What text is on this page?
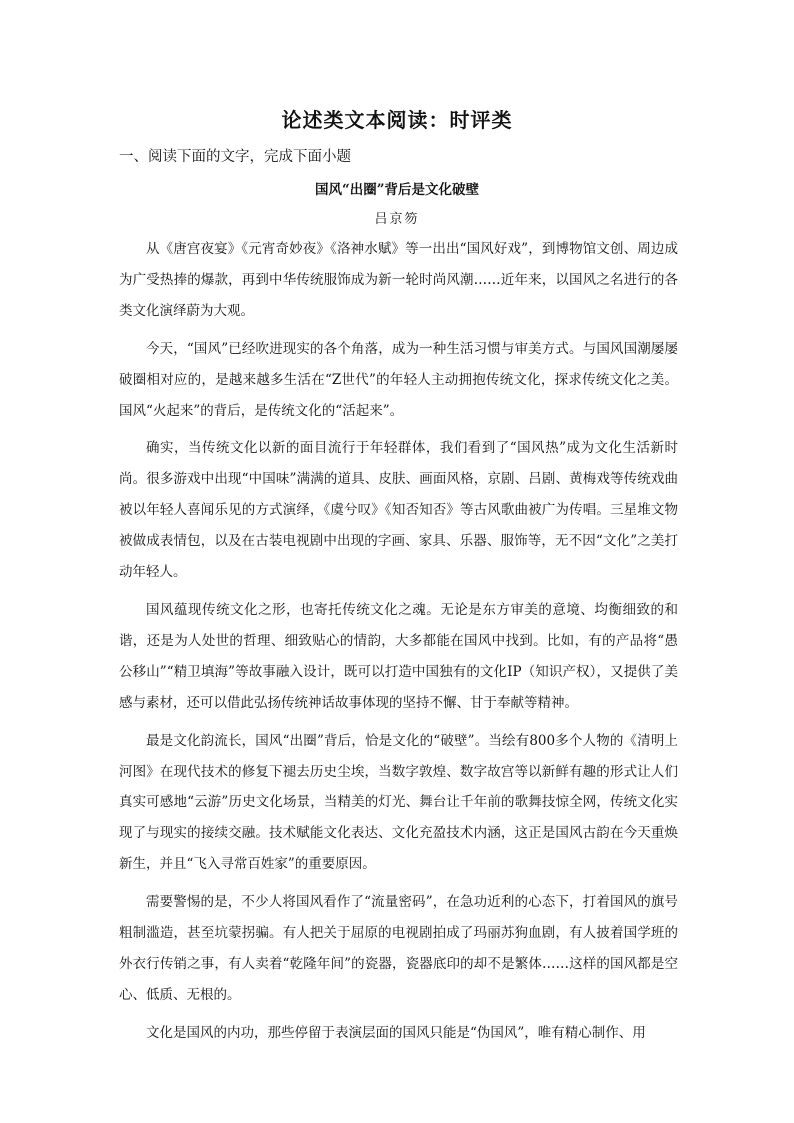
论述类文本阅读：时评类
一、阅读下面的文字，完成下面小题
国风“出圈”背后是文化破壁
吕京笏

从《唐宫夜宴》《元宵奇妙夜》《洛神水赋》等一出出“国风好戏”，到博物馆文创、周边成为广受热捧的爆款，再到中华传统服饰成为新一轮时尚风潮……近年来，以国风之名进行的各类文化演绎蔚为大观。

今天，“国风”已经吹进现实的各个角落，成为一种生活习惯与审美方式。与国风国潮屡屡破圈相对应的，是越来越多生活在“Z世代”的年轻人主动拥抱传统文化，探求传统文化之美。国风“火起来”的背后，是传统文化的“活起来”。

确实，当传统文化以新的面目流行于年轻群体，我们看到了“国风热”成为文化生活新时尚。很多游戏中出现“中国味”满满的道具、皮肤、画面风格，京剧、吕剧、黄梅戏等传统戏曲被以年轻人喜闻乐见的方式演绎，《虞兮叹》《知否知否》等古风歌曲被广为传唱。三星堆文物被做成表情包，以及在古装电视剧中出现的字画、家具、乐器、服饰等，无不因“文化”之美打动年轻人。

国风蕴现传统文化之形，也寄托传统文化之魂。无论是东方审美的意境、均衡细致的和谐，还是为人处世的哲理、细致贴心的情韵，大多都能在国风中找到。比如，有的产品将“愚公移山”“精卫填海”等故事融入设计，既可以打造中国独有的文化IP（知识产权），又提供了美感与素材，还可以借此弘扬传统神话故事体现的坚持不懈、甘于奉献等精神。

最是文化韵流长，国风“出圈”背后，恰是文化的“破壁”。当绘有800多个人物的《清明上河图》在现代技术的修复下褪去历史尘埃，当数字敦煌、数字故宫等以新鲜有趣的形式让人们真实可感地“云游”历史文化场景，当精美的灯光、舞台让千年前的歌舞技惊全网，传统文化实现了与现实的接续交融。技术赋能文化表达、文化充盈技术内涵，这正是国风古韵在今天重焕新生，并且“飞入寻常百姓家”的重要原因。

需要警惕的是，不少人将国风看作了“流量密码”，在急功近利的心态下，打着国风的旗号粗制滥造，甚至坑蒙拐骗。有人把关于屈原的电视剧拍成了玛丽苏狗血剧，有人披着国学班的外衣行传销之事，有人卖着“乾隆年间”的瓷器，瓷器底印的却不是繁体……这样的国风都是空心、低质、无根的。

文化是国风的内功，那些停留于表演层面的国风只能是“伪国风”，唯有精心制作、用
